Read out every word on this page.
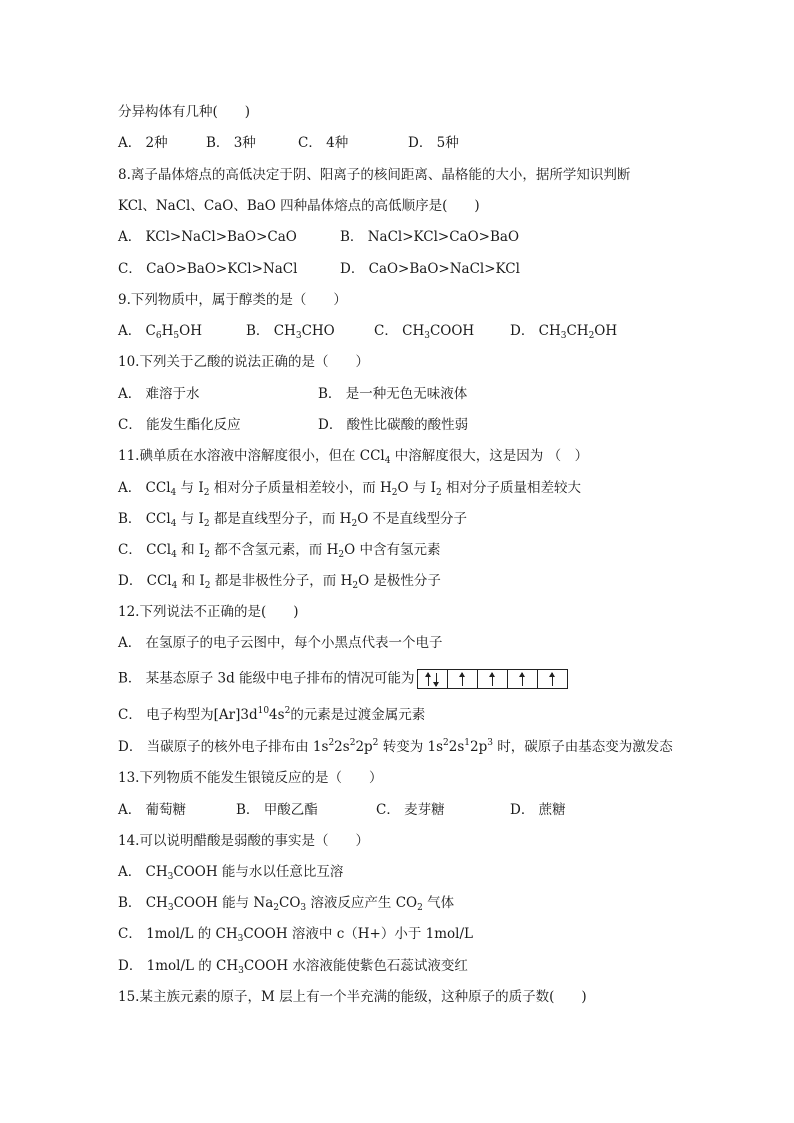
分异构体有几种(　　)
A． 2种	B． 3种	C． 4种	D． 5种
8.离子晶体熔点的高低决定于阴、阳离子的核间距离、晶格能的大小，据所学知识判断
KCl、NaCl、CaO、BaO 四种晶体熔点的高低顺序是(　　)
A． KCl>NaCl>BaO>CaO	B． NaCl>KCl>CaO>BaO
C． CaO>BaO>KCl>NaCl	D． CaO>BaO>NaCl>KCl
9.下列物质中，属于醇类的是（　　）
A． $C_6H_5OH$	B． $CH_3CHO$	C． $CH_3COOH$	D． $CH_3CH_2OH$
10.下列关于乙酸的说法正确的是（　　）
A． 难溶于水	B． 是一种无色无味液体
C． 能发生酯化反应	D． 酸性比碳酸的酸性弱
11.碘单质在水溶液中溶解度很小，但在 CCl$_4$ 中溶解度很大，这是因为 （　）
A． CCl$_4$ 与 $I_2$ 相对分子质量相差较小，而 $H_2O$ 与 $I_2$ 相对分子质量相差较大
B． CCl$_4$ 与 $I_2$ 都是直线型分子，而 $H_2O$ 不是直线型分子
C． CCl$_4$ 和 $I_2$ 都不含氢元素，而 $H_2O$ 中含有氢元素
D． CCl$_4$ 和 $I_2$ 都是非极性分子，而 $H_2O$ 是极性分子
12.下列说法不正确的是(　　)
A． 在氢原子的电子云图中，每个小黑点代表一个电子
B． 某基态原子 3d 能级中电子排布的情况可能为
C． 电子构型为$[Ar]3d^{10}4s^2$的元素是过渡金属元素
D． 当碳原子的核外电子排布由 $1s^22s^22p^2$ 转变为 $1s^22s^12p^3$ 时，碳原子由基态变为激发态
13.下列物质不能发生银镜反应的是（　　）
A． 葡萄糖	B． 甲酸乙酯	C． 麦芽糖	D． 蔗糖
14.可以说明醋酸是弱酸的事实是（　　）
A． $CH_3COOH$ 能与水以任意比互溶
B． $CH_3COOH$ 能与 $Na_2CO_3$ 溶液反应产生 $CO_2$ 气体
C． 1mol/L 的 $CH_3COOH$ 溶液中 c（H+）小于 1mol/L
D． 1mol/L 的 $CH_3COOH$ 水溶液能使紫色石蕊试液变红
15.某主族元素的原子，M 层上有一个半充满的能级，这种原子的质子数(　　)
